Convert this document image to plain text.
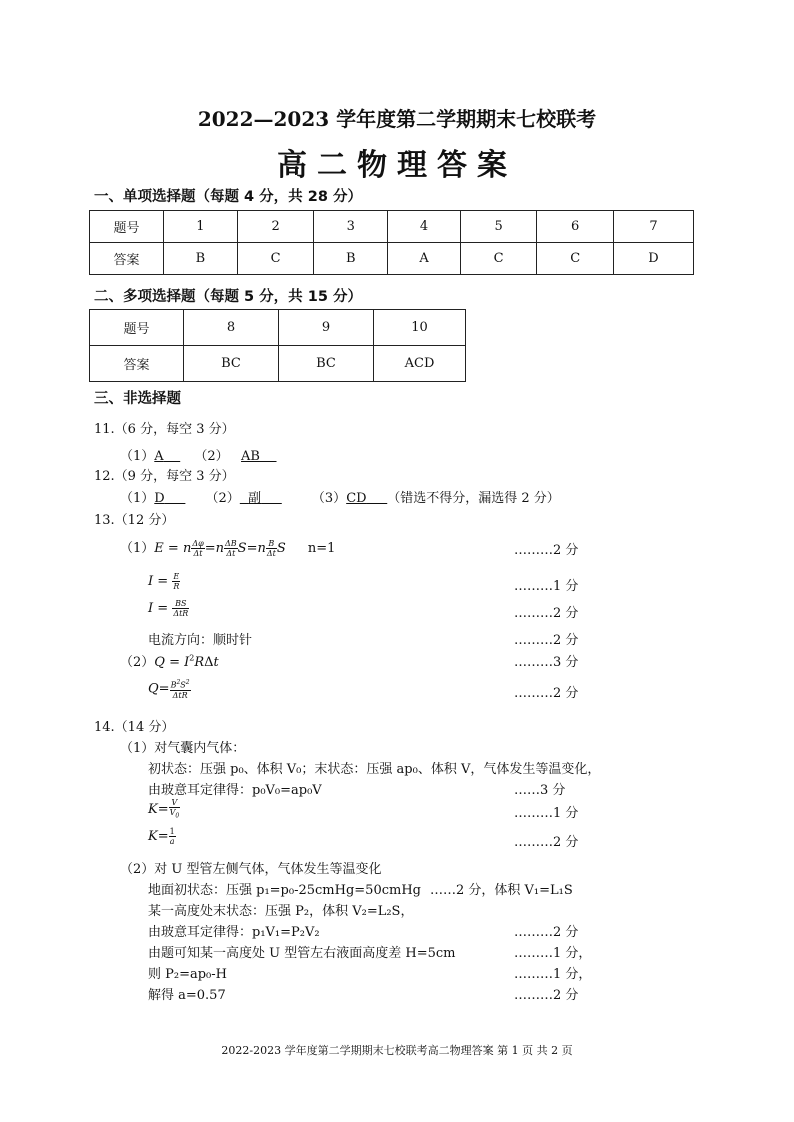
2022—2023 学年度第二学期期末七校联考
高二物理答案
一、单项选择题（每题 4 分，共 28 分）
题号	1	2	3	4	5	6	7
答案	B	C	B	A	C	C	D
二、多项选择题（每题 5 分，共 15 分）
题号	8	9	10
答案	BC	BC	ACD
三、非选择题
11.（6 分，每空 3 分）
（1）A （2） AB
12.（9 分，每空 3 分）
（1）D	（2） 副	（3）CD （错选不得分，漏选得 2 分）
13.（12 分）
（1）E = n $\frac{\Delta\varphi}{\Delta t} =n \frac{\Delta B}{\Delta t} S=n \frac{B}{\Delta t}$ S n=1	………2 分
$I = \frac{E}{R}$	………1 分
$I = \frac{BS}{\text{ΔtR}}$	………2 分
电流方向：顺时针	………2 分
$(2)Q = I^2R\Delta t$	………3 分
$Q= \frac{B^2S^2}{\text{ΔtR}}$	………2 分
14.（14 分）
（1）对气囊内气体：
初状态：压强 p₀、体积 V₀；末状态：压强 ap₀、体积 V，气体发生等温变化，
由玻意耳定律得：p₀V₀=ap₀V	……3 分
$K= \frac{V}{V_0}$	………1 分
$K= \frac{1}{a}$	………2 分
（2）对 U 型管左侧气体，气体发生等温变化
地面初状态：压强 p₁=p₀-25cmHg=50cmHg ……2 分，体积 V₁=L₁S
某一高度处末状态：压强 P₂，体积 V₂=L₂S，
由玻意耳定律得：p₁V₁=P₂V₂	………2 分
由题可知某一高度处 U 型管左右液面高度差 H=5cm	………1 分，
则 P₂=ap₀-H	………1 分，
解得 a=0.57	………2 分
2022-2023 学年度第二学期期末七校联考高二物理答案 第 1 页 共 2 页
